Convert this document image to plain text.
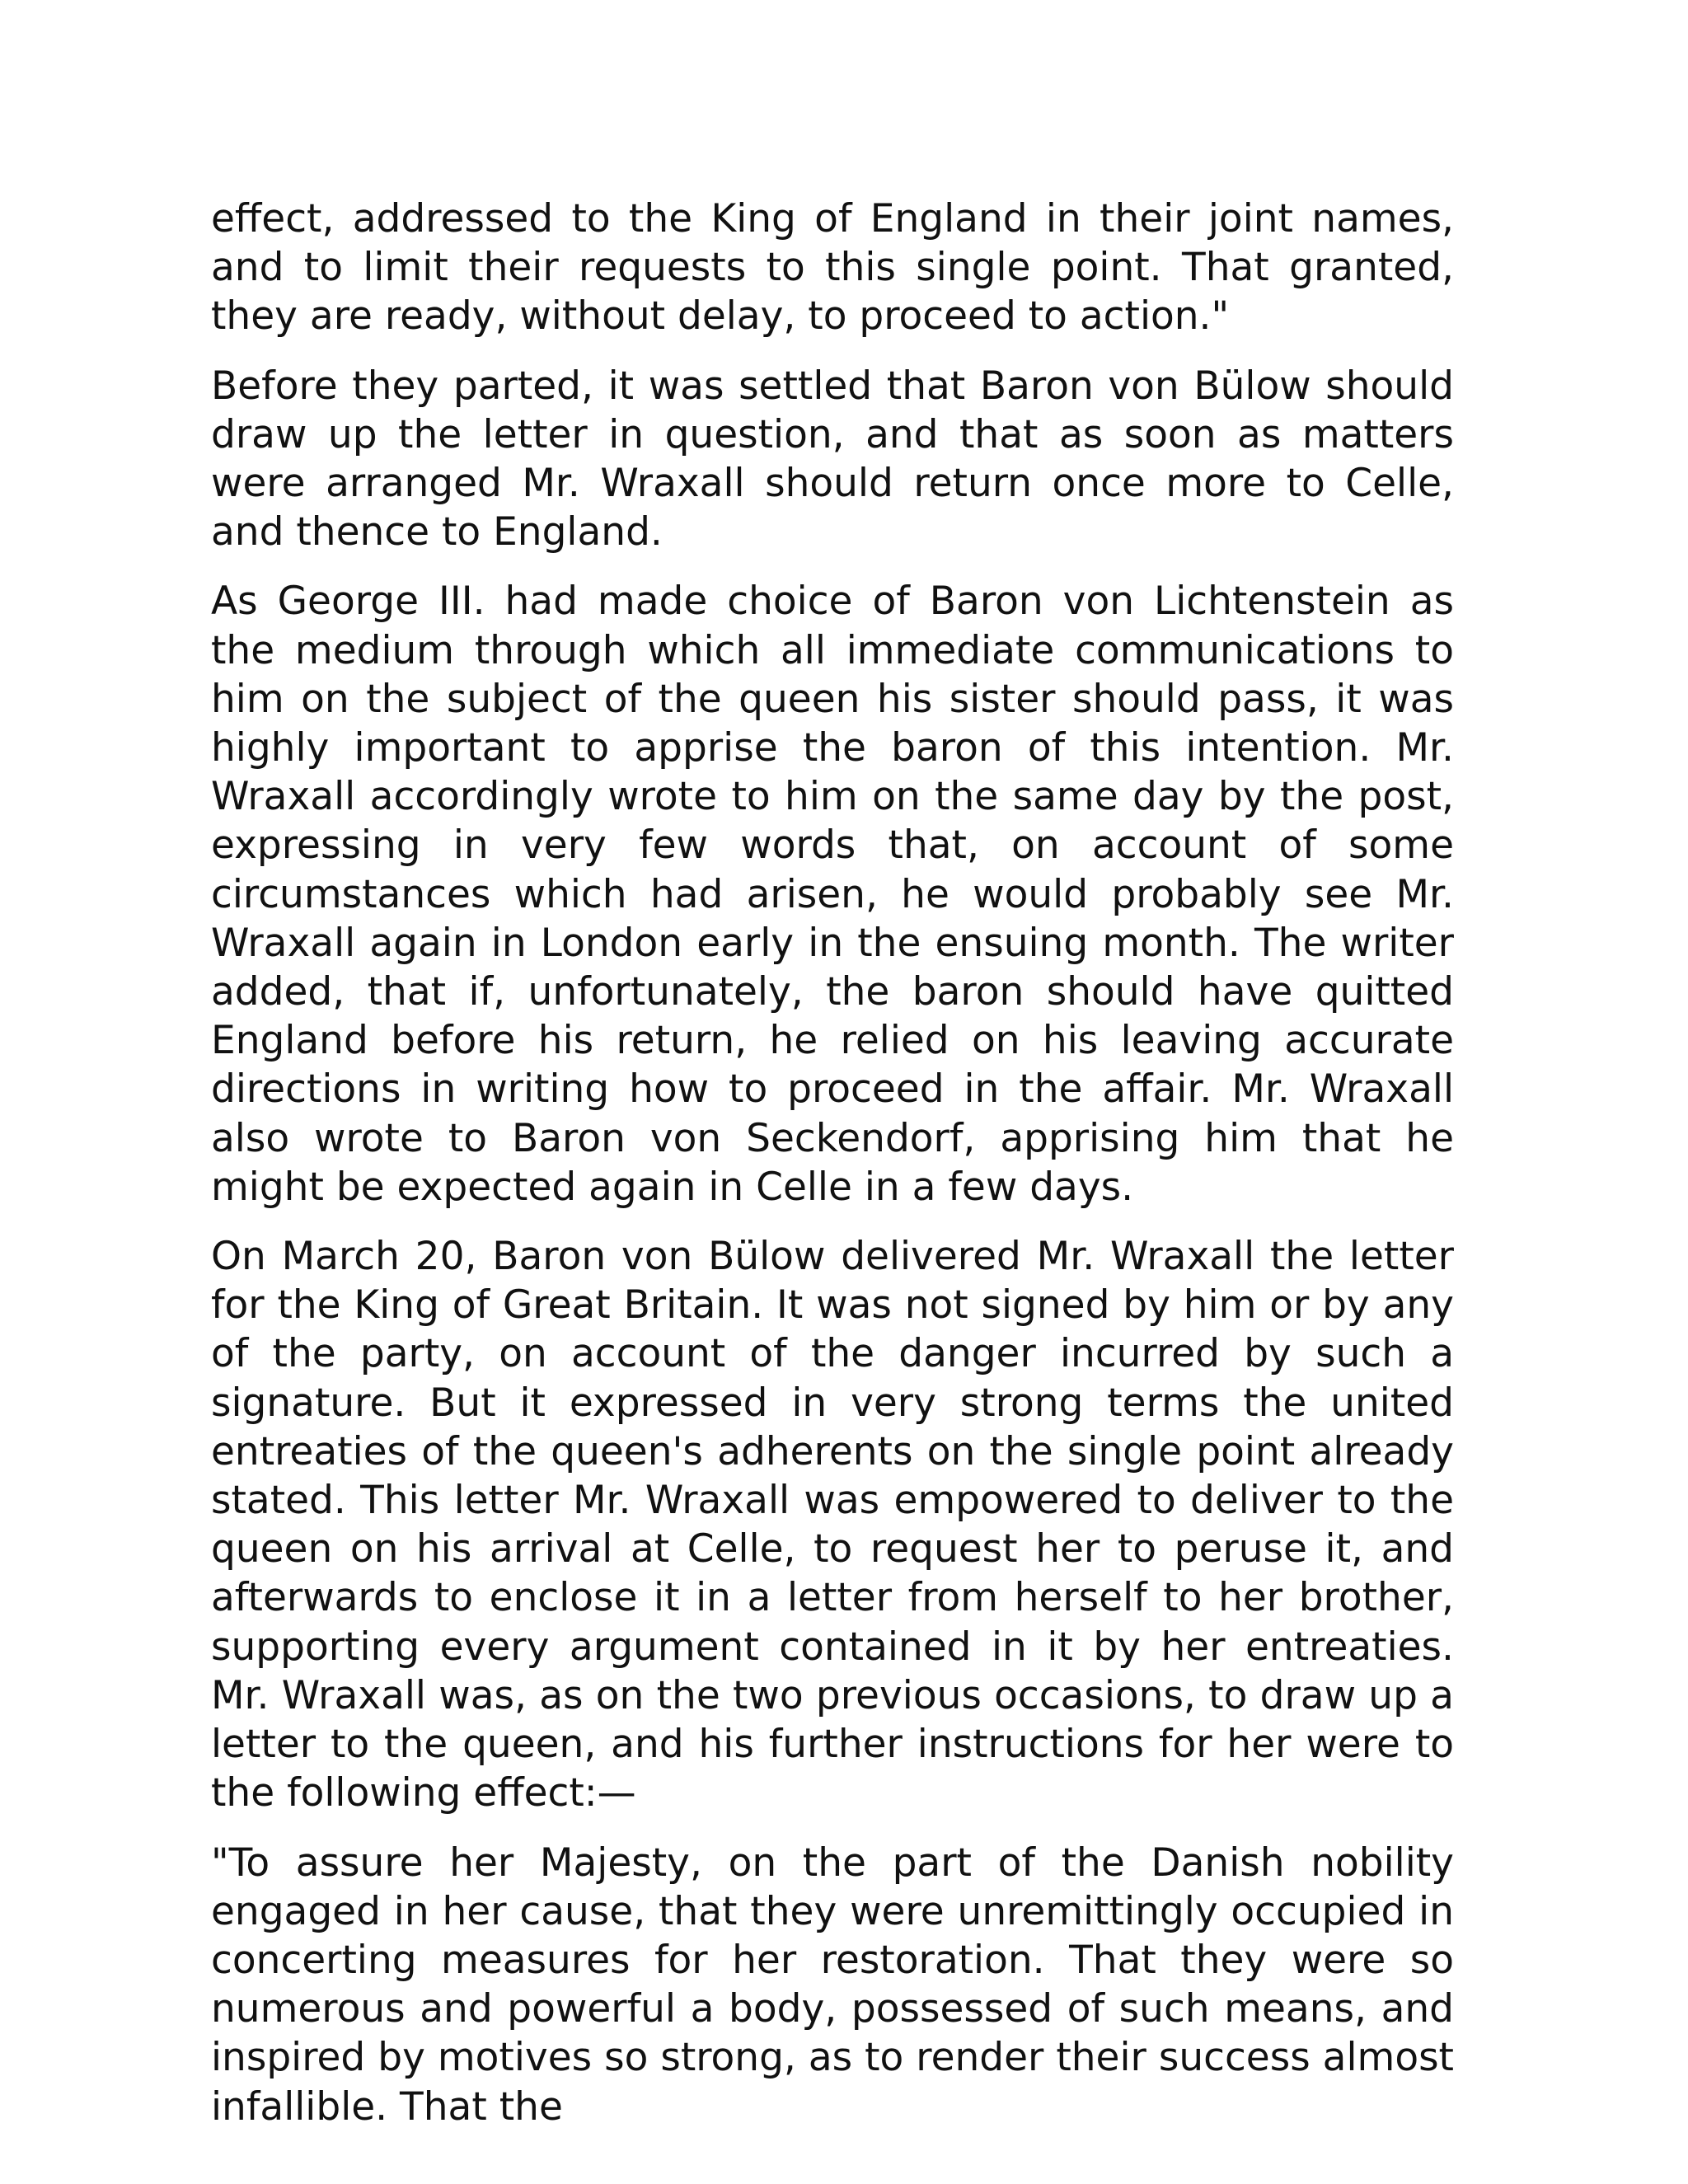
effect, addressed to the King of England in their joint names, and to limit their requests to this single point. That granted, they are ready, without delay, to proceed to action."

Before they parted, it was settled that Baron von Bülow should draw up the letter in question, and that as soon as matters were arranged Mr. Wraxall should return once more to Celle, and thence to England.

As George III. had made choice of Baron von Lichtenstein as the medium through which all immediate communications to him on the subject of the queen his sister should pass, it was highly important to apprise the baron of this intention. Mr. Wraxall accordingly wrote to him on the same day by the post, expressing in very few words that, on account of some circumstances which had arisen, he would probably see Mr. Wraxall again in London early in the ensuing month. The writer added, that if, unfortunately, the baron should have quitted England before his return, he relied on his leaving accurate directions in writing how to proceed in the affair. Mr. Wraxall also wrote to Baron von Seckendorf, apprising him that he might be expected again in Celle in a few days.

On March 20, Baron von Bülow delivered Mr. Wraxall the letter for the King of Great Britain. It was not signed by him or by any of the party, on account of the danger incurred by such a signature. But it expressed in very strong terms the united entreaties of the queen's adherents on the single point already stated. This letter Mr. Wraxall was empowered to deliver to the queen on his arrival at Celle, to request her to peruse it, and afterwards to enclose it in a letter from herself to her brother, supporting every argument contained in it by her entreaties. Mr. Wraxall was, as on the two previous occasions, to draw up a letter to the queen, and his further instructions for her were to the following effect:—

"To assure her Majesty, on the part of the Danish nobility engaged in her cause, that they were unremittingly occupied in concerting measures for her restoration. That they were so numerous and powerful a body, possessed of such means, and inspired by motives so strong, as to render their success almost infallible. That the
